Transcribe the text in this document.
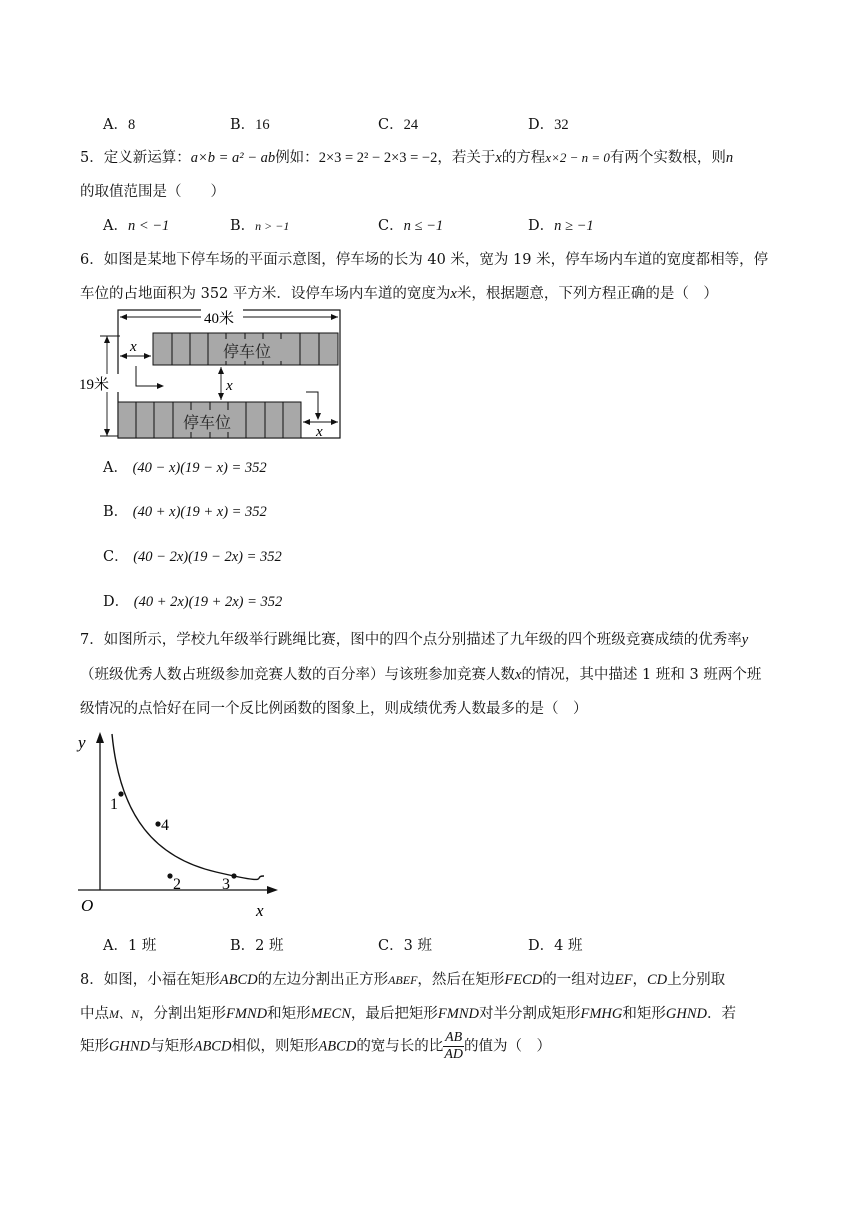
A．8	B．16	C．24	D．32
5．定义新运算：a×b = a² − ab例如：2×3 = 2² − 2×3 = −2，若关于x的方程x×2 − n = 0有两个实数根，则n
的取值范围是（　　）
A．n < −1	B．n > −1	C．n ≤ −1	D．n ≥ −1
6．如图是某地下停车场的平面示意图，停车场的长为 40 米，宽为 19 米，停车场内车道的宽度都相等，停
车位的占地面积为 352 平方米．设停车场内车道的宽度为x米，根据题意，下列方程正确的是（　）
40米
19米
停车位
停车位
x
x
x
A． (40 − x)(19 − x) = 352
B． (40 + x)(19 + x) = 352
C． (40 − 2x)(19 − 2x) = 352
D． (40 + 2x)(19 + 2x) = 352
7．如图所示，学校九年级举行跳绳比赛，图中的四个点分别描述了九年级的四个班级竞赛成绩的优秀率y
（班级优秀人数占班级参加竞赛人数的百分率）与该班参加竞赛人数x的情况，其中描述 1 班和 3 班两个班
级情况的点恰好在同一个反比例函数的图象上，则成绩优秀人数最多的是（　）
y
x
O
1
4
2	3
A．1 班	B．2 班	C．3 班	D．4 班
8．如图，小福在矩形ABCD的左边分割出正方形ABEF，然后在矩形FECD的一组对边EF，CD上分别取
中点M、N，分割出矩形FMND和矩形MECN，最后把矩形FMND对半分割成矩形FMHG和矩形GHND．若
矩形GHND与矩形ABCD相似，则矩形ABCD的宽与长的比 $\frac{AB}{AD}$ 的值为（　）
